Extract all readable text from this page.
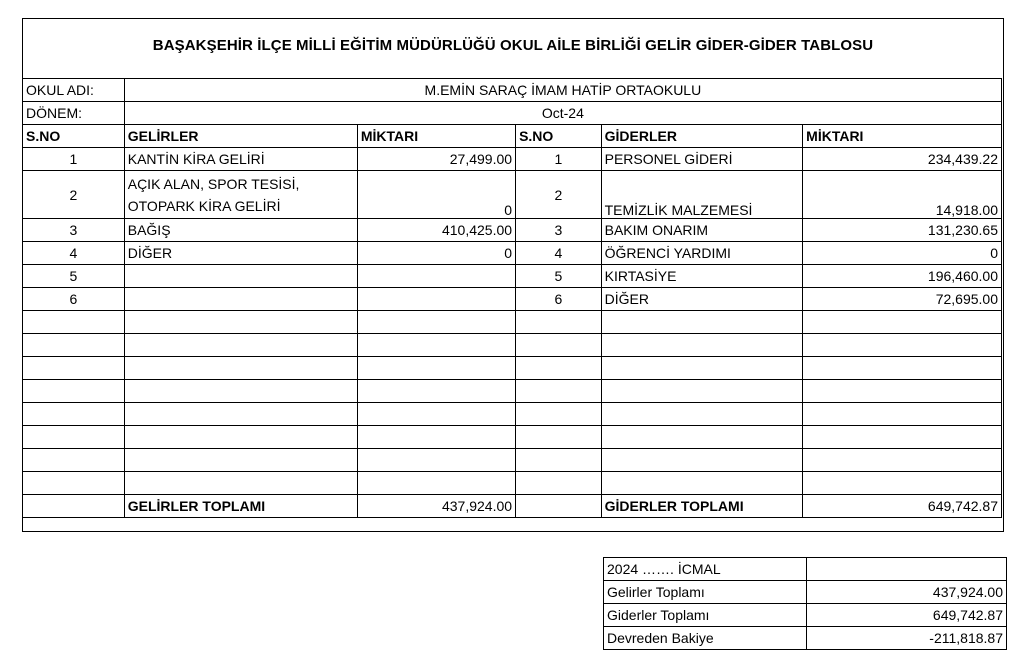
BAŞAKŞEHİR İLÇE MİLLİ EĞİTİM MÜDÜRLÜĞÜ OKUL AİLE BİRLİĞİ GELİR GİDER-GİDER TABLOSU
OKUL ADI:	M.EMİN SARAÇ İMAM HATİP ORTAOKULU				
DÖNEM:	Oct-24				
S.NO	GELİRLER	MİKTARI	S.NO	GİDERLER	MİKTARI
1	KANTİN KİRA GELİRİ	27,499.00	1	PERSONEL GİDERİ	234,439.22
2	AÇIK ALAN, SPOR TESİSİ, OTOPARK KİRA GELİRİ	0	2	TEMİZLİK MALZEMESİ	14,918.00
3	BAĞIŞ	410,425.00	3	BAKIM ONARIM	131,230.65
4	DİĞER	0	4	ÖĞRENCİ YARDIMI	0
5			5	KIRTASİYE	196,460.00
6			6	DİĞER	72,695.00

	GELİRLER TOPLAMI	437,924.00		GİDERLER TOPLAMI	649,742.87
2024 ……. İCMAL	
Gelirler Toplamı	437,924.00
Giderler Toplamı	649,742.87
Devreden Bakiye	-211,818.87
